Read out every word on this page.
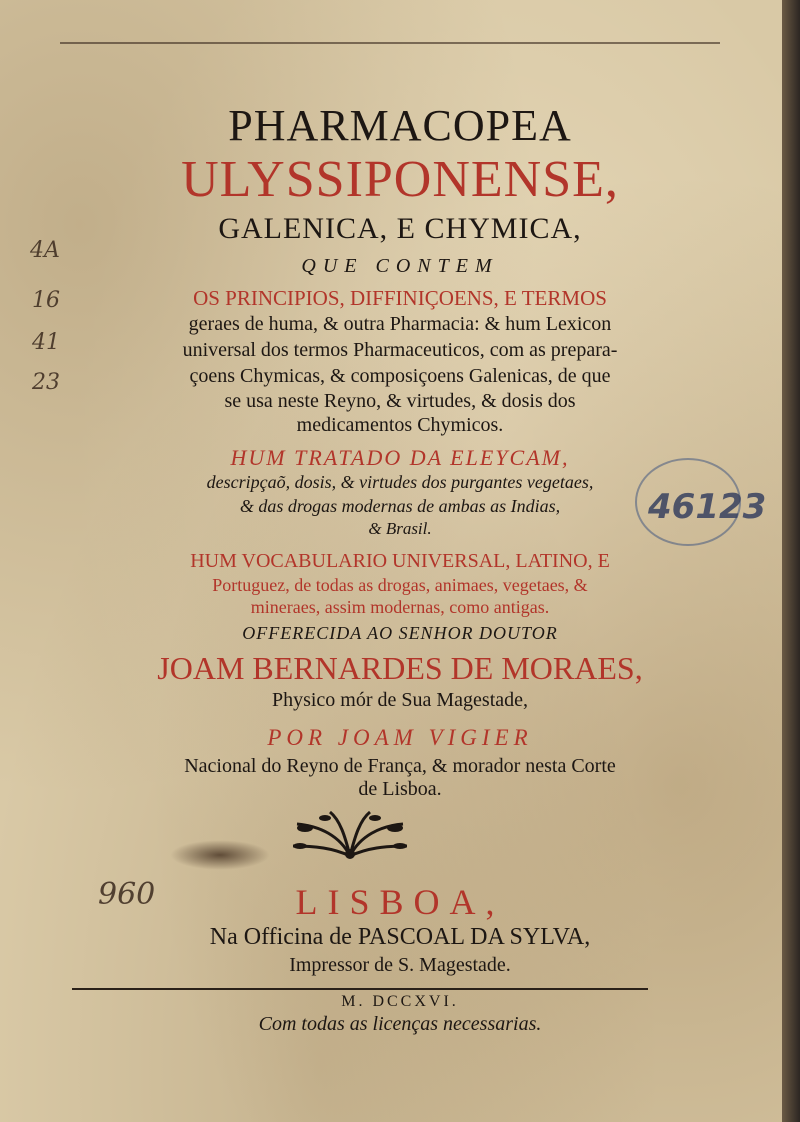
PHARMACOPEA
ULYSSIPONENSE,
GALENICA, E CHYMICA,
QUE CONTEM
OS PRINCIPIOS, DIFFINIÇOENS, E TERMOS
geraes de huma, & outra Pharmacia: & hum Lexicon
universal dos termos Pharmaceuticos, com as prepara-
çoens Chymicas, & composiçoens Galenicas, de que
se usa neste Reyno, & virtudes, & dosis dos
medicamentos Chymicos.
HUM TRATADO DA ELEYCAM,
descripçaõ, dosis, & virtudes dos purgantes vegetaes,
& das drogas modernas de ambas as Indias,
& Brasil.
HUM VOCABULARIO UNIVERSAL, LATINO, E
Portuguez, de todas as drogas, animaes, vegetaes, &
mineraes, assim modernas, como antigas.
OFFERECIDA AO SENHOR DOUTOR
JOAM BERNARDES DE MORAES,
Physico mór de Sua Magestade,
POR JOAM VIGIER
Nacional do Reyno de França, & morador nesta Corte
de Lisboa.
LISBOA,
Na Officina de PASCOAL DA SYLVA,
Impressor de S. Magestade.
M. DCCXVI.
Com todas as licenças necessarias.
4A
16
41
23
46123
960
